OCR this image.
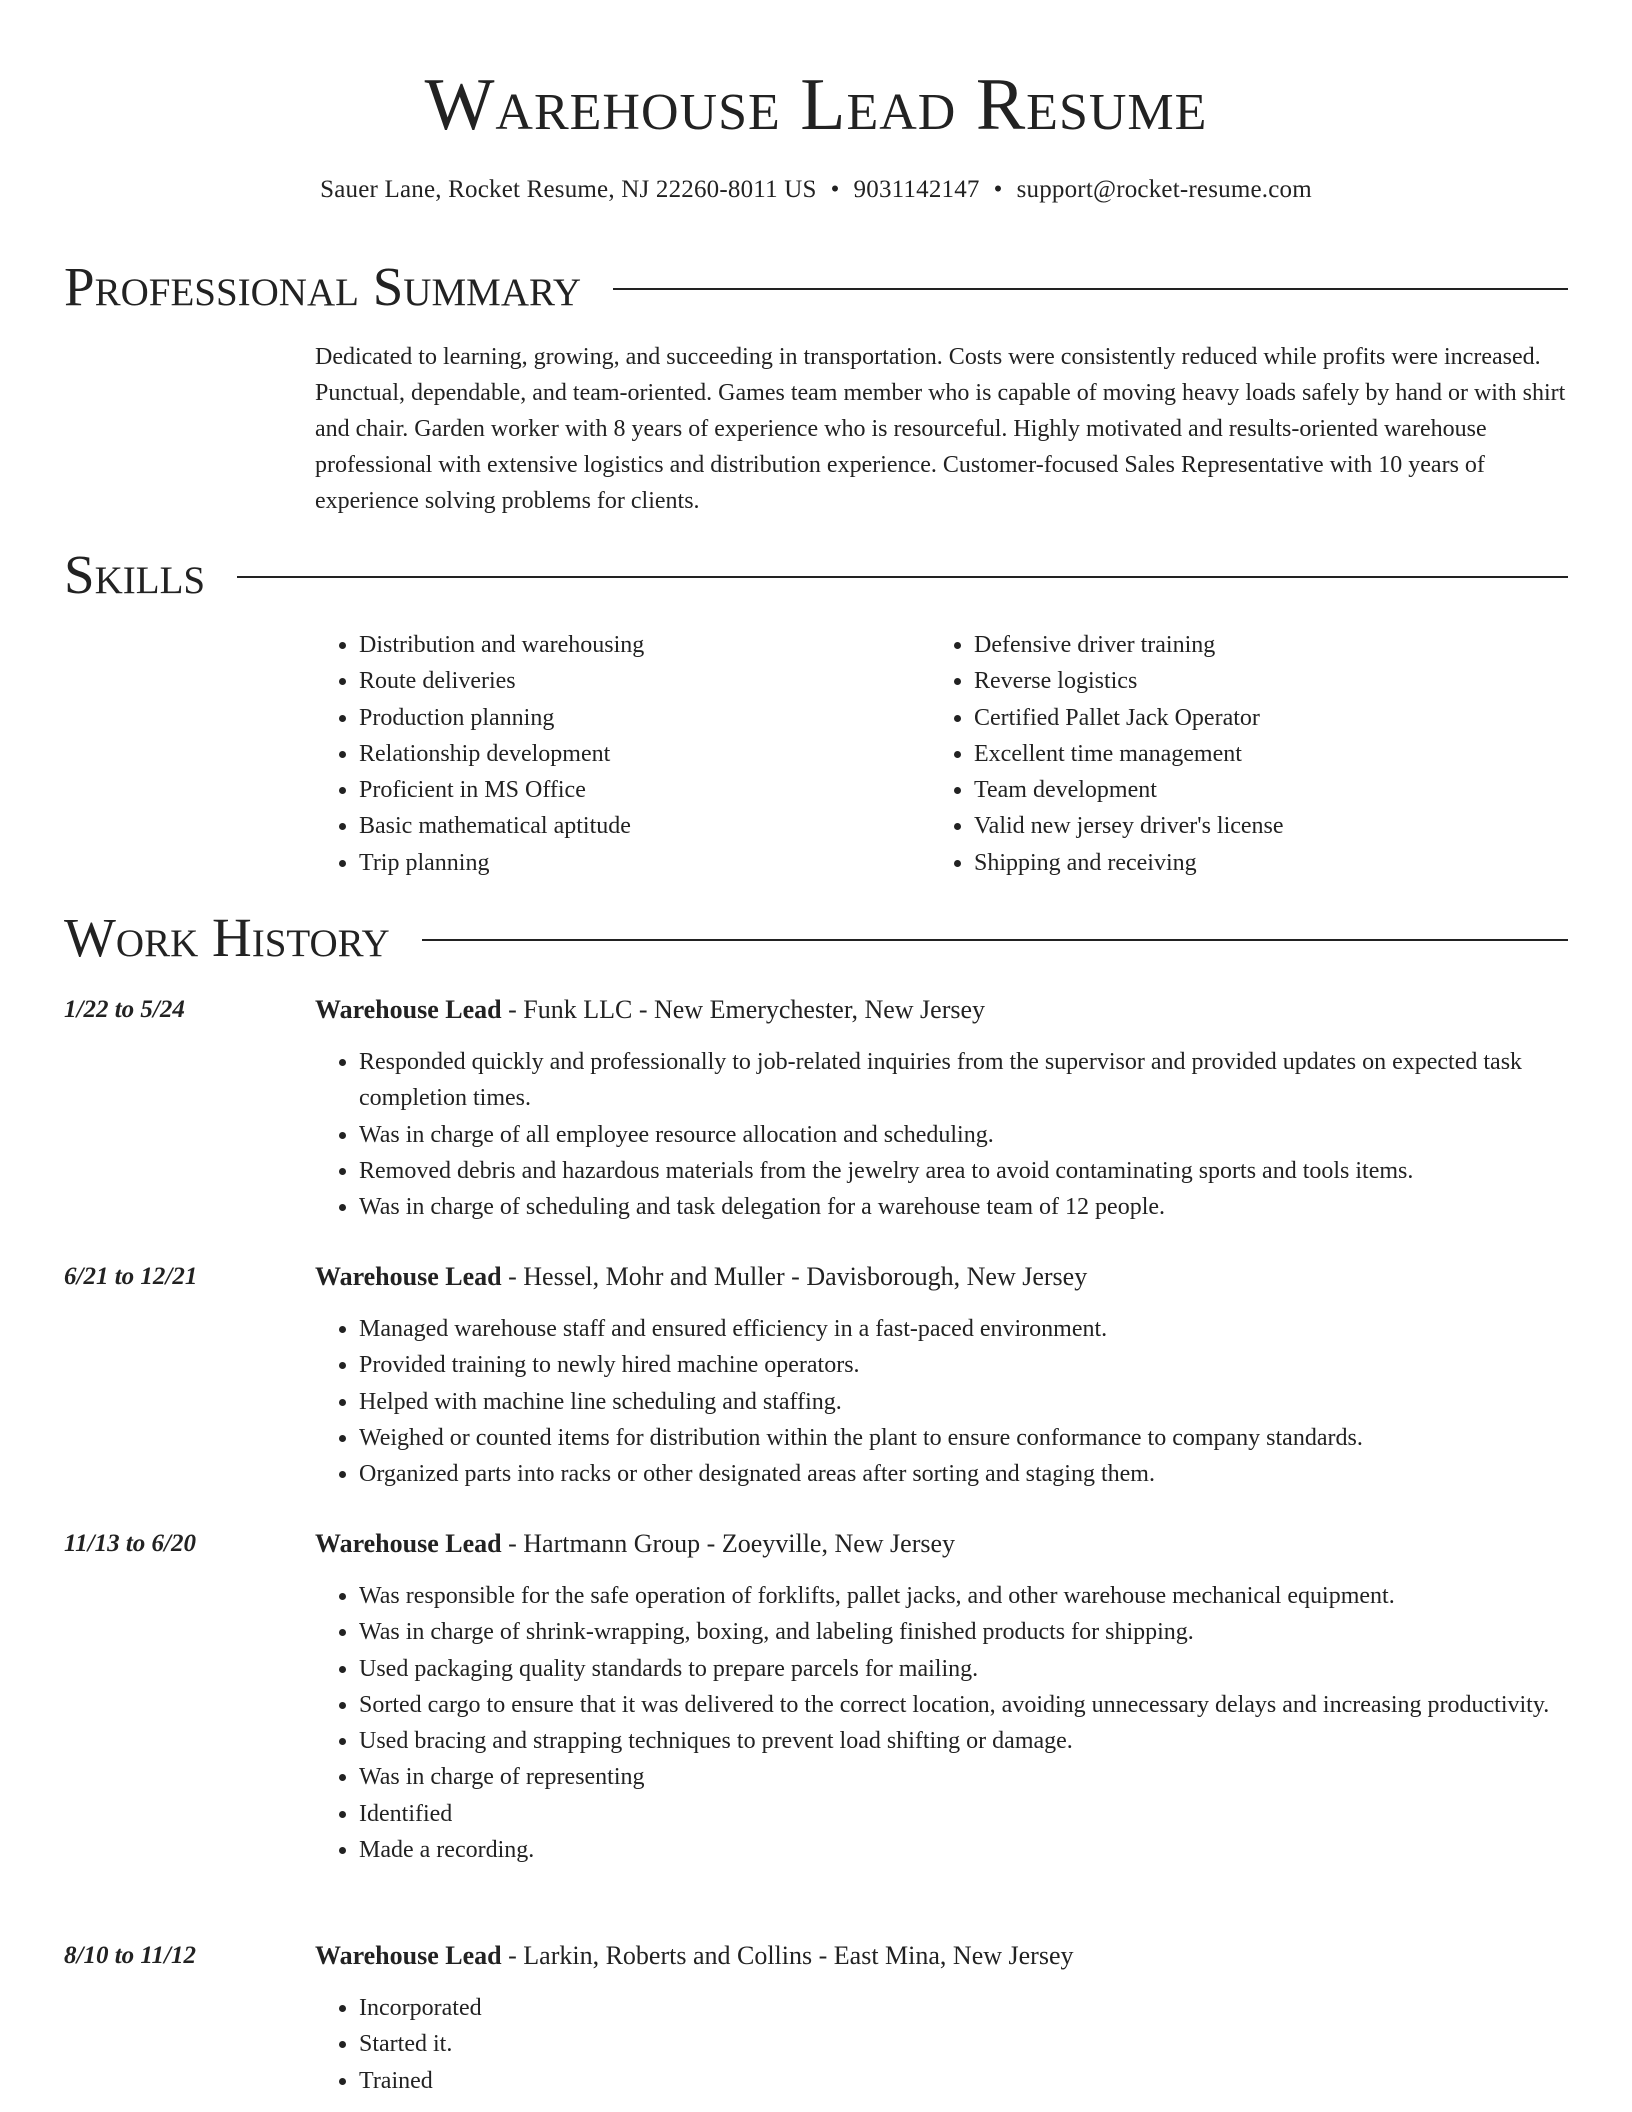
Warehouse Lead Resume
Sauer Lane, Rocket Resume, NJ 22260-8011 US • 9031142147 • support@rocket-resume.com
Professional Summary

Dedicated to learning, growing, and succeeding in transportation. Costs were consistently reduced while profits were increased. Punctual, dependable, and team-oriented. Games team member who is capable of moving heavy loads safely by hand or with shirt and chair. Garden worker with 8 years of experience who is resourceful. Highly motivated and results-oriented warehouse professional with extensive logistics and distribution experience. Customer-focused Sales Representative with 10 years of experience solving problems for clients.

Skills
• Distribution and warehousing
• Route deliveries
• Production planning
• Relationship development
• Proficient in MS Office
• Basic mathematical aptitude
• Trip planning
• Defensive driver training
• Reverse logistics
• Certified Pallet Jack Operator
• Excellent time management
• Team development
• Valid new jersey driver's license
• Shipping and receiving
Work History
1/22 to 5/24	Warehouse Lead - Funk LLC - New Emerychester, New Jersey
• Responded quickly and professionally to job-related inquiries from the supervisor and provided updates on expected task completion times.
• Was in charge of all employee resource allocation and scheduling.
• Removed debris and hazardous materials from the jewelry area to avoid contaminating sports and tools items.
• Was in charge of scheduling and task delegation for a warehouse team of 12 people.
6/21 to 12/21	Warehouse Lead - Hessel, Mohr and Muller - Davisborough, New Jersey
• Managed warehouse staff and ensured efficiency in a fast-paced environment.
• Provided training to newly hired machine operators.
• Helped with machine line scheduling and staffing.
• Weighed or counted items for distribution within the plant to ensure conformance to company standards.
• Organized parts into racks or other designated areas after sorting and staging them.
11/13 to 6/20	Warehouse Lead - Hartmann Group - Zoeyville, New Jersey
• Was responsible for the safe operation of forklifts, pallet jacks, and other warehouse mechanical equipment.
• Was in charge of shrink-wrapping, boxing, and labeling finished products for shipping.
• Used packaging quality standards to prepare parcels for mailing.
• Sorted cargo to ensure that it was delivered to the correct location, avoiding unnecessary delays and increasing productivity.
• Used bracing and strapping techniques to prevent load shifting or damage.
• Was in charge of representing
• Identified
• Made a recording.
8/10 to 11/12	Warehouse Lead - Larkin, Roberts and Collins - East Mina, New Jersey
• Incorporated
• Started it.
• Trained
